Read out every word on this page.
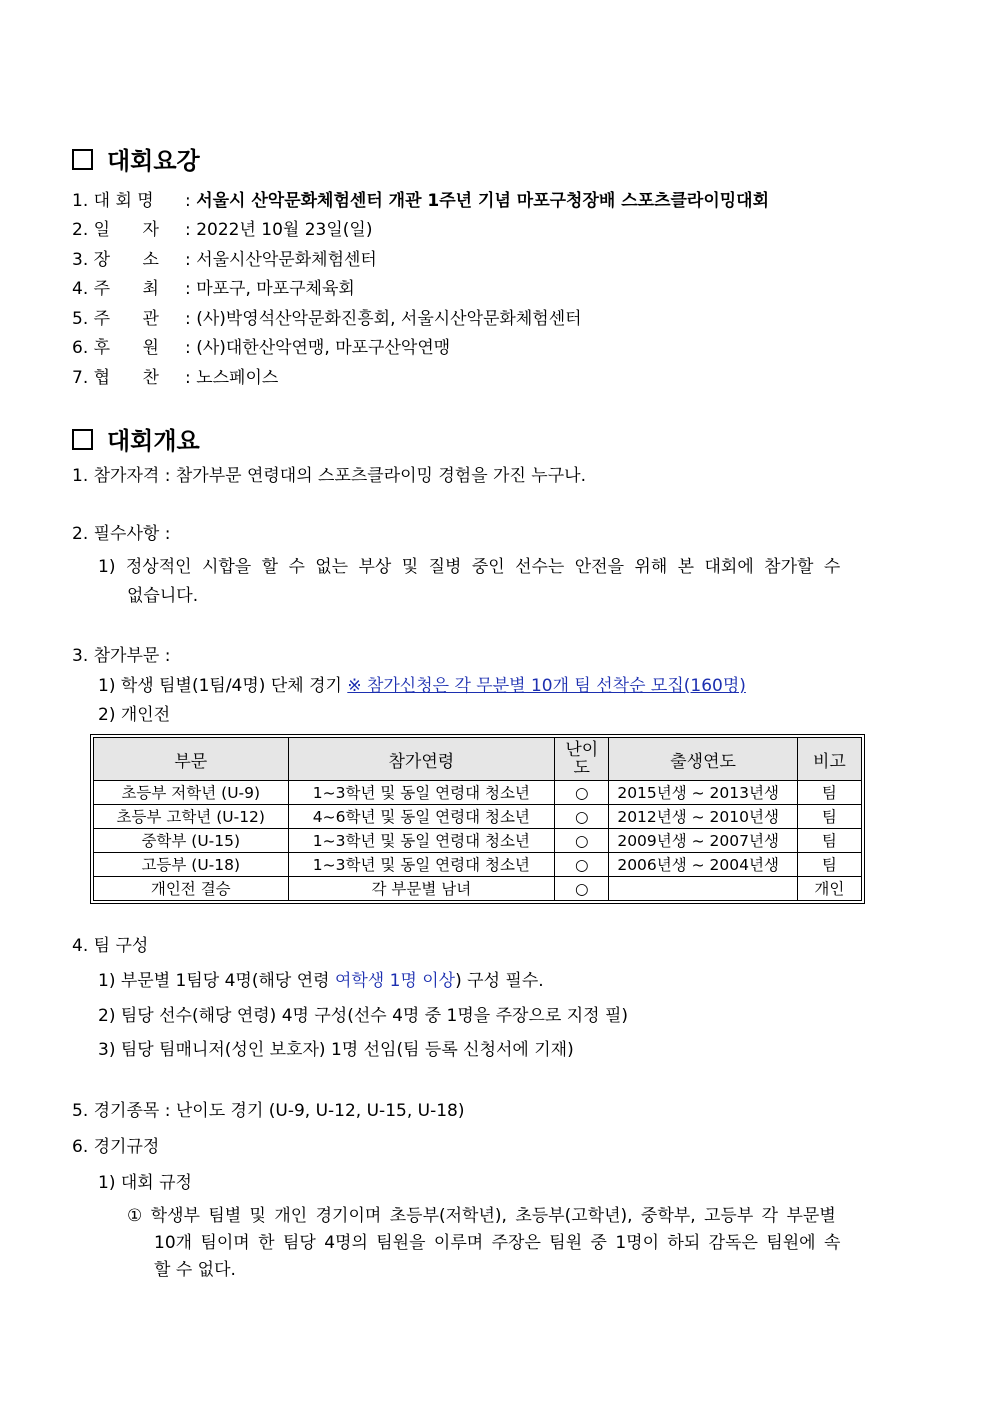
대회요강
1. 대 회 명 : 서울시 산악문화체험센터 개관 1주년 기념 마포구청장배 스포츠클라이밍대회
2. 일      자 : 2022년 10월 23일(일)
3. 장      소 : 서울시산악문화체험센터
4. 주      최 : 마포구, 마포구체육회
5. 주      관 : (사)박영석산악문화진흥회, 서울시산악문화체험센터
6. 후      원 : (사)대한산악연맹, 마포구산악연맹
7. 협      찬 : 노스페이스
대회개요
1. 참가자격 : 참가부문 연령대의 스포츠클라이밍 경험을 가진 누구나.
2. 필수사항 :
1) 정상적인 시합을 할 수 없는 부상 및 질병 중인 선수는 안전을 위해 본 대회에 참가할 수
없습니다.
3. 참가부문 :
1) 학생 팀별(1팀/4명) 단체 경기 ※ 참가신청은 각 무분별 10개 팀 선착순 모집(160명)
2) 개인전
부문	참가연령	난이도	출생연도	비고
초등부 저학년 (U-9)	1~3학년 및 동일 연령대 청소년	○	2015년생 ~ 2013년생	팀
초등부 고학년 (U-12)	4~6학년 및 동일 연령대 청소년	○	2012년생 ~ 2010년생	팀
중학부 (U-15)	1~3학년 및 동일 연령대 청소년	○	2009년생 ~ 2007년생	팀
고등부 (U-18)	1~3학년 및 동일 연령대 청소년	○	2006년생 ~ 2004년생	팀
개인전 결승	각 부문별 남녀	○		개인
4. 팀 구성
1) 부문별 1팀당 4명(해당 연령 여학생 1명 이상) 구성 필수.
2) 팀당 선수(해당 연령) 4명 구성(선수 4명 중 1명을 주장으로 지정 필)
3) 팀당 팀매니저(성인 보호자) 1명 선임(팀 등록 신청서에 기재)
5. 경기종목 : 난이도 경기 (U-9, U-12, U-15, U-18)
6. 경기규정
1) 대회 규정
① 학생부 팀별 및 개인 경기이며 초등부(저학년), 초등부(고학년), 중학부, 고등부 각 부문별
10개 팀이며 한 팀당 4명의 팀원을 이루며 주장은 팀원 중 1명이 하되 감독은 팀원에 속
할 수 없다.
